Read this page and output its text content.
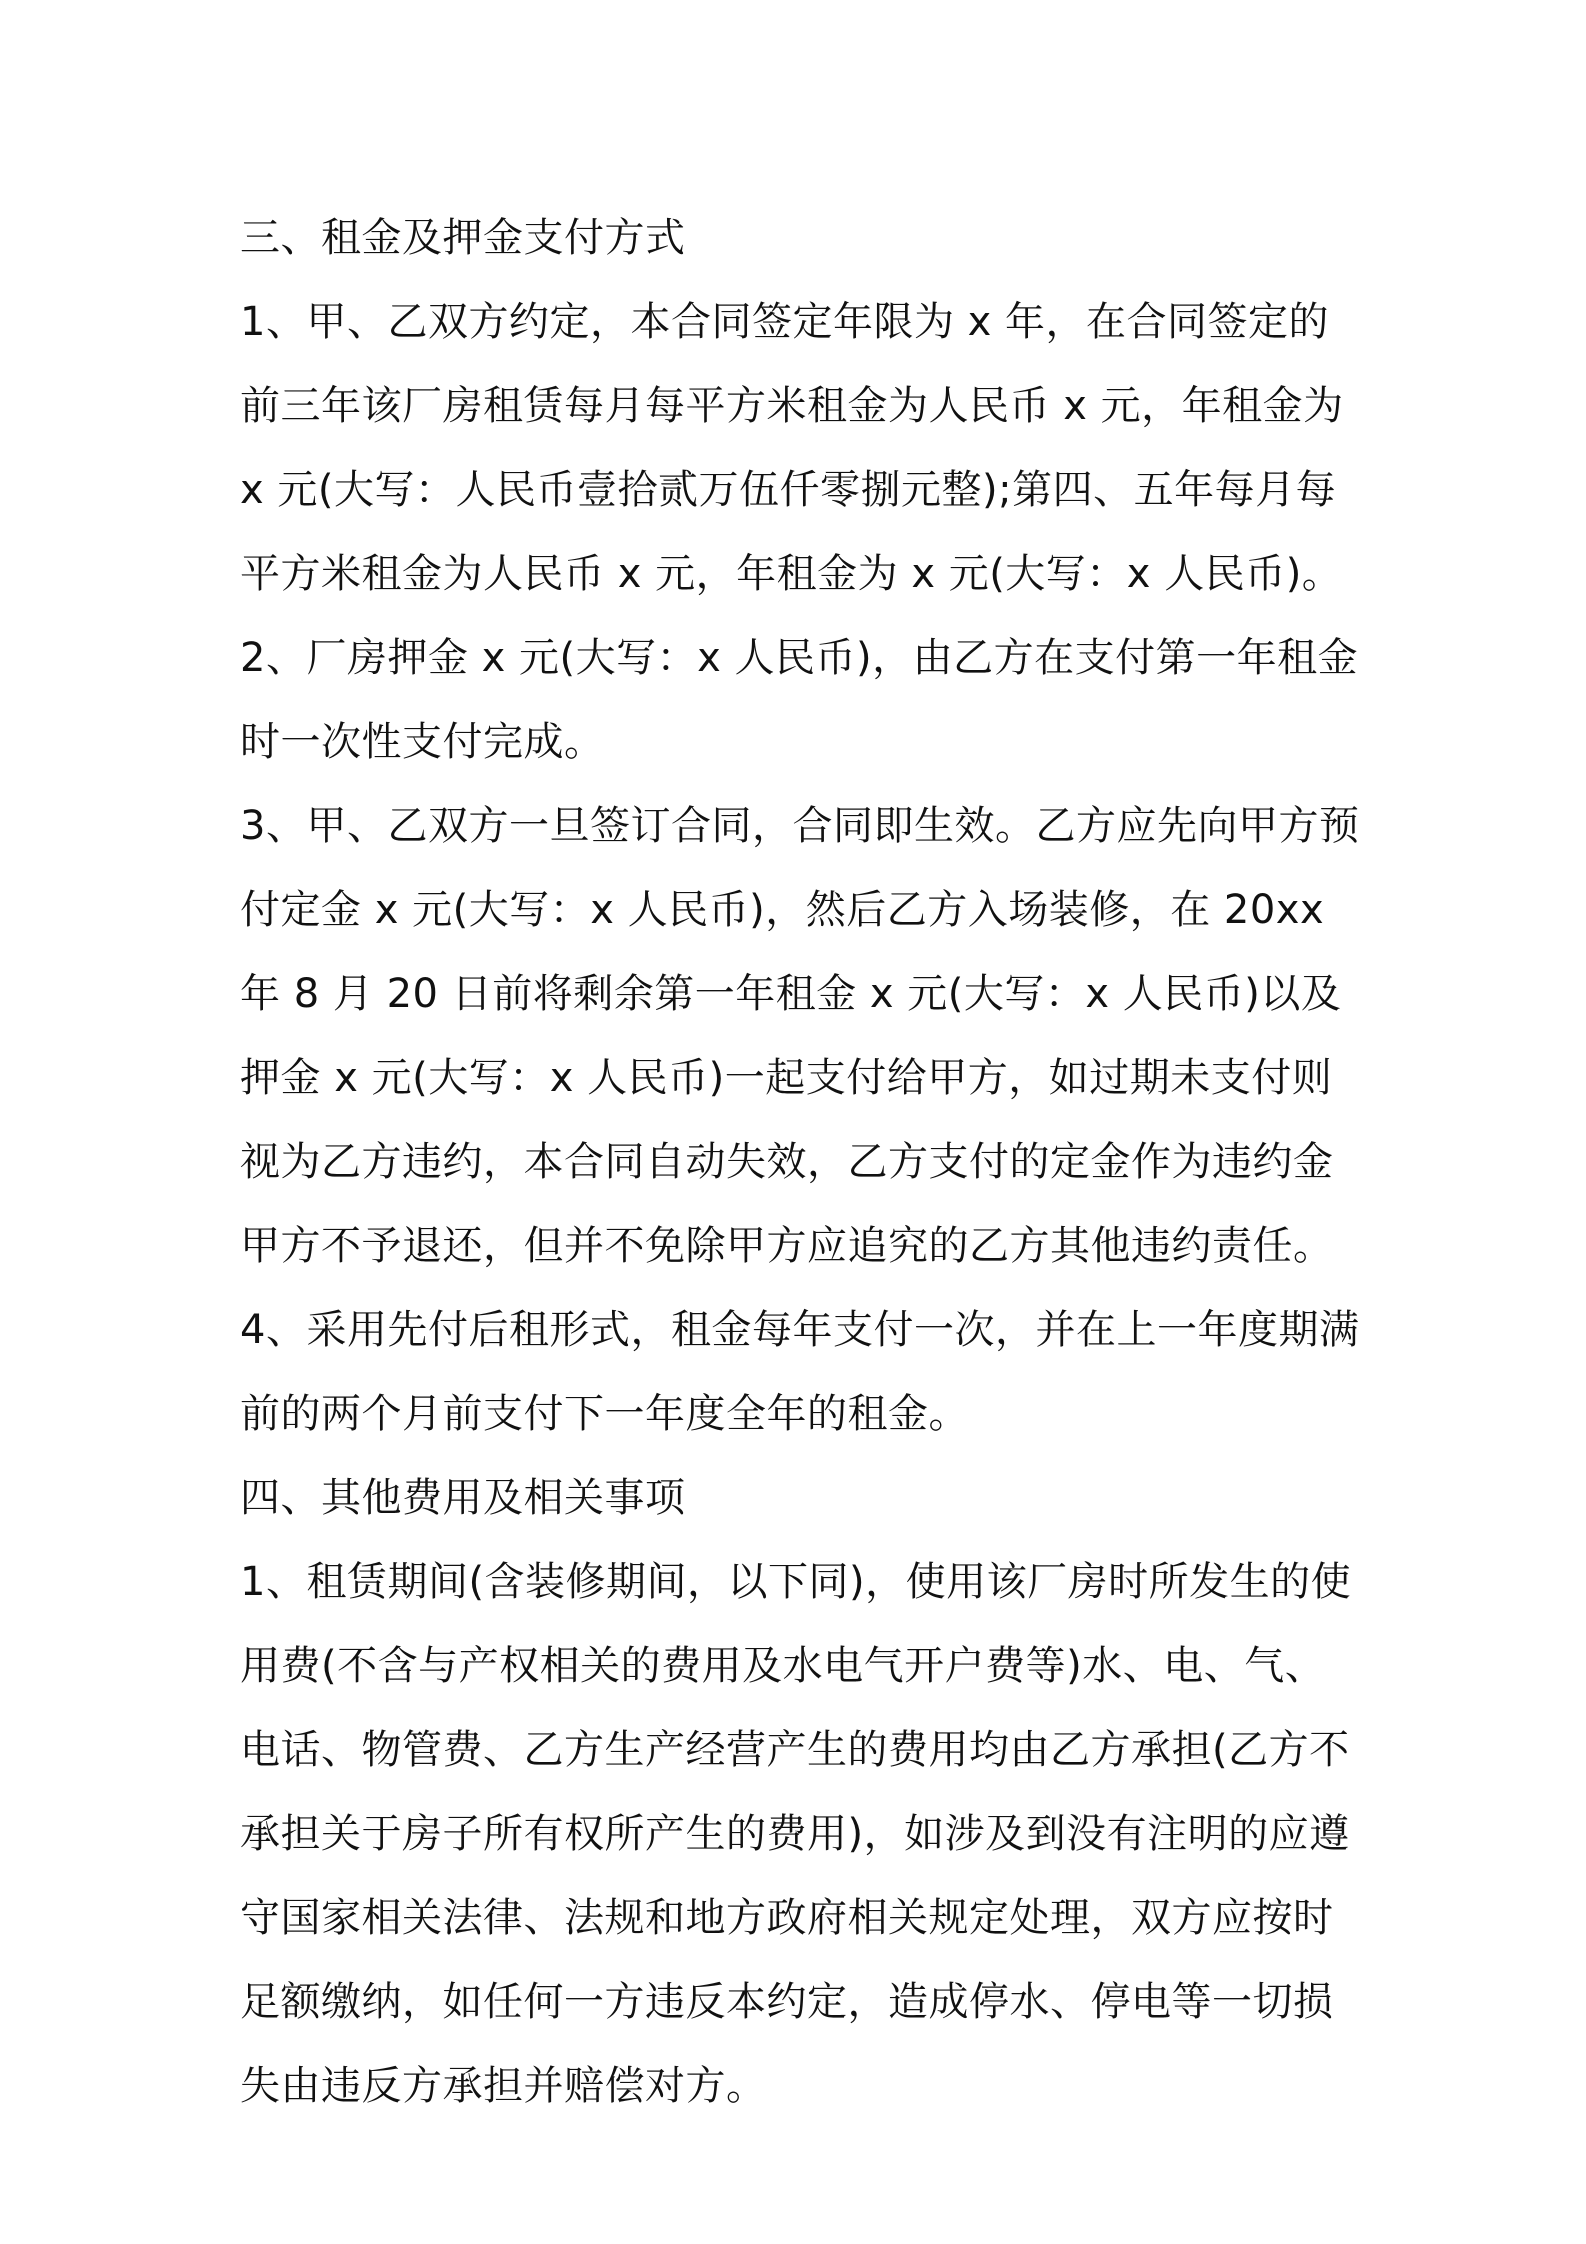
三、租金及押金支付方式

1、甲、乙双方约定，本合同签定年限为 x 年，在合同签定的前三年该厂房租赁每月每平方米租金为人民币 x 元，年租金为 x 元(大写：人民币壹拾贰万伍仟零捌元整);第四、五年每月每平方米租金为人民币 x 元，年租金为 x 元(大写：x 人民币)。

2、厂房押金 x 元(大写：x 人民币)，由乙方在支付第一年租金时一次性支付完成。

3、甲、乙双方一旦签订合同，合同即生效。乙方应先向甲方预付定金 x 元(大写：x 人民币)，然后乙方入场装修，在 20xx 年 8 月 20 日前将剩余第一年租金 x 元(大写：x 人民币)以及押金 x 元(大写：x 人民币)一起支付给甲方，如过期未支付则视为乙方违约，本合同自动失效，乙方支付的定金作为违约金甲方不予退还，但并不免除甲方应追究的乙方其他违约责任。

4、采用先付后租形式，租金每年支付一次，并在上一年度期满前的两个月前支付下一年度全年的租金。

四、其他费用及相关事项

1、租赁期间(含装修期间，以下同)，使用该厂房时所发生的使用费(不含与产权相关的费用及水电气开户费等)水、电、气、电话、物管费、乙方生产经营产生的费用均由乙方承担(乙方不承担关于房子所有权所产生的费用)，如涉及到没有注明的应遵守国家相关法律、法规和地方政府相关规定处理，双方应按时足额缴纳，如任何一方违反本约定，造成停水、停电等一切损失由违反方承担并赔偿对方。
